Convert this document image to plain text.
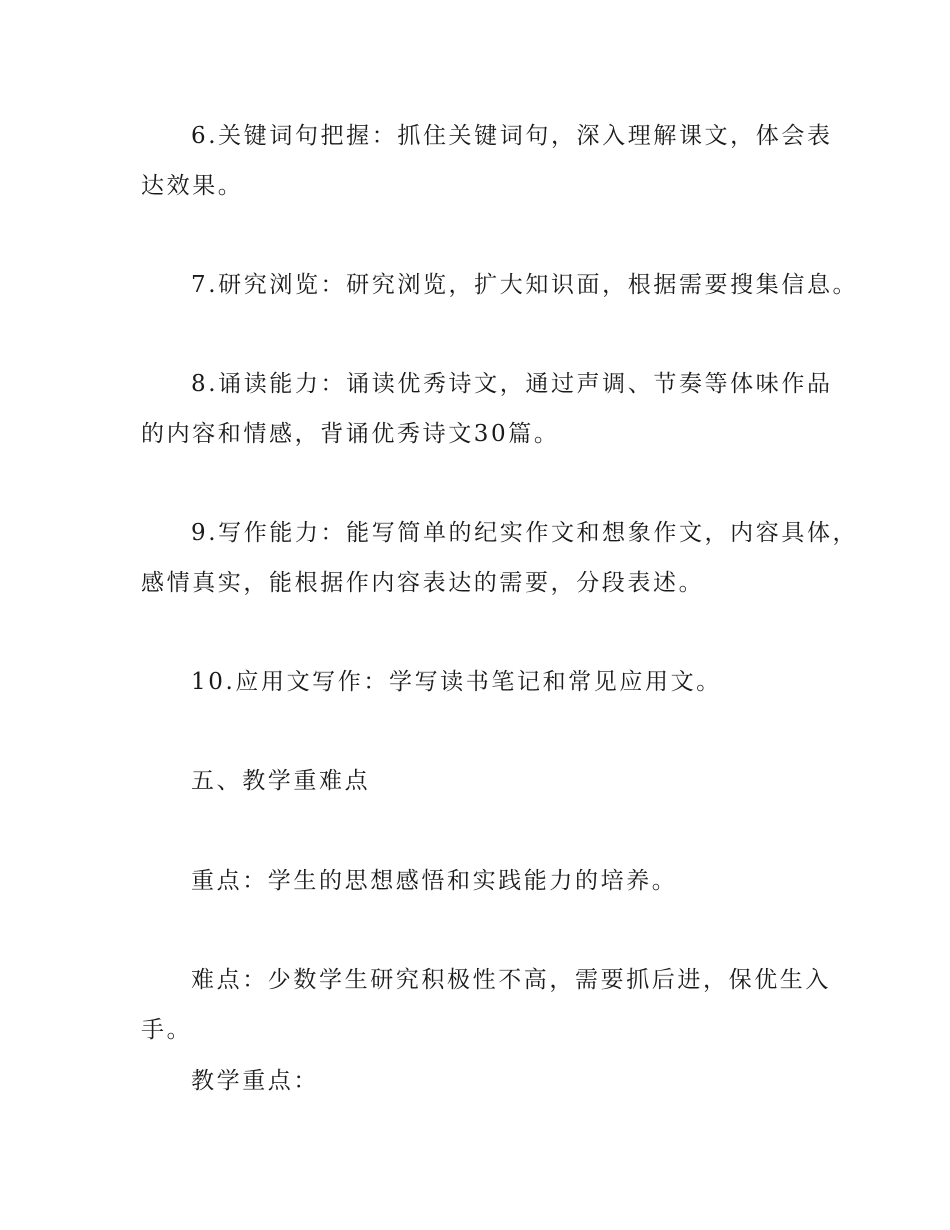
6.关键词句把握：抓住关键词句，深入理解课文，体会表
达效果。
7.研究浏览：研究浏览，扩大知识面，根据需要搜集信息。
8.诵读能力：诵读优秀诗文，通过声调、节奏等体味作品
的内容和情感，背诵优秀诗文30篇。
9.写作能力：能写简单的纪实作文和想象作文，内容具体，
感情真实，能根据作内容表达的需要，分段表述。
10.应用文写作：学写读书笔记和常见应用文。
五、教学重难点
重点：学生的思想感悟和实践能力的培养。
难点：少数学生研究积极性不高，需要抓后进，保优生入
手。
教学重点：
